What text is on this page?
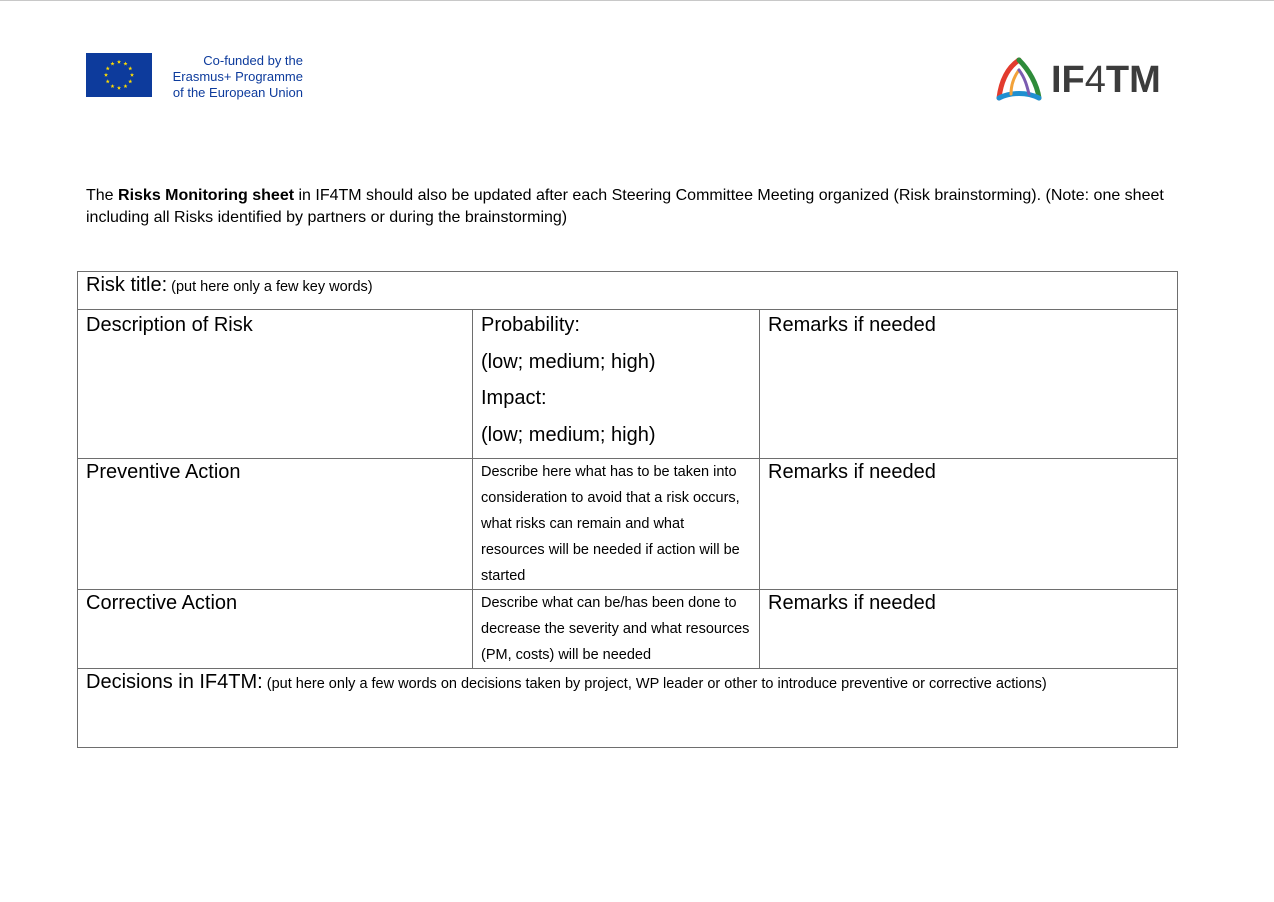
Co-funded by the
Erasmus+ Programme
of the European Union	IF4TM
The Risks Monitoring sheet in IF4TM should also be updated after each Steering Committee Meeting organized (Risk brainstorming). (Note: one sheet including all Risks identified by partners or during the brainstorming)
Risk title: (put here only a few key words)		

Description of Risk	Probability:
(low; medium; high)
Impact:
(low; medium; high)	Remarks if needed

Preventive Action	Describe here what has to be taken into consideration to avoid that a risk occurs, what risks can remain and what resources will be needed if action will be started	Remarks if needed

Corrective Action	Describe what can be/has been done to decrease the severity and what resources (PM, costs) will be needed	Remarks if needed

Decisions in IF4TM: (put here only a few words on decisions taken by project, WP leader or other to introduce preventive or corrective actions)		
